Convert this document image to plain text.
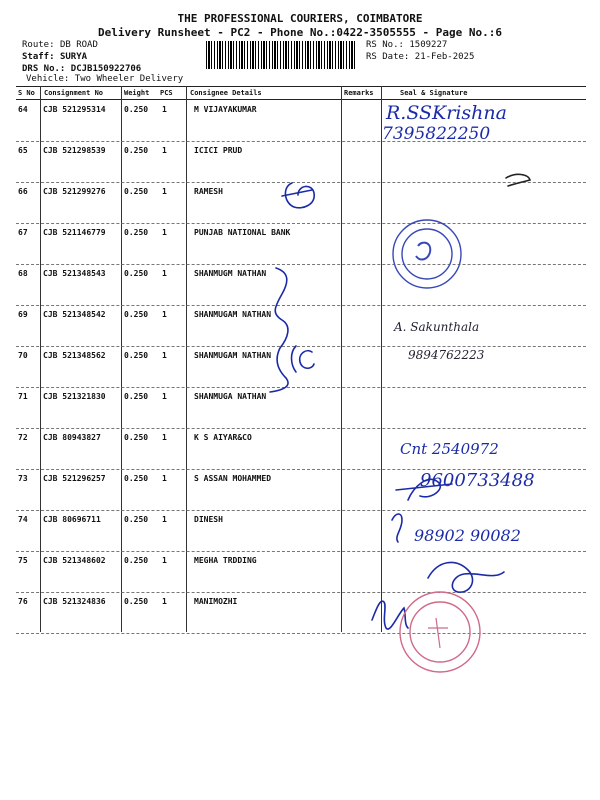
THE PROFESSIONAL COURIERS, COIMBATORE
Delivery Runsheet - PC2 - Phone No.:0422-3505555 - Page No.:6
Route: DB ROAD
Staff: SURYA
DRS No.: DCJB150922706
Vehicle: Two Wheeler Delivery
RS No.: 1509227
RS Date: 21-Feb-2025
S No Consignment No	Weight PCS Consignee Details	Remarks	Seal & Signature
64 CJB 521295314 0.250 1	M VIJAYAKUMAR
65 CJB 521298539 0.250 1	ICICI PRUD
66 CJB 521299276 0.250 1	RAMESH
67 CJB 521146779 0.250 1	PUNJAB NATIONAL BANK
68 CJB 521348543 0.250 1	SHANMUGM NATHAN
69 CJB 521348542 0.250 1	SHANMUGAM NATHAN
70 CJB 521348562 0.250 1	SHANMUGAM NATHAN
71 CJB 521321830 0.250 1	SHANMUGA NATHAN
72 CJB 80943827	0.250 1	K S AIYAR&CO
73 CJB 521296257 0.250 1	S ASSAN MOHAMMED
74 CJB 80696711	0.250 1	DINESH
75 CJB 521348602 0.250 1	MEGHA TRDDING
76 CJB 521324836 0.250 1	MANIMOZHI
R.SSKrishna
7395822250
A. Sakunthala
9894762223
Cnt 2540972
9600733488
98902 90082
